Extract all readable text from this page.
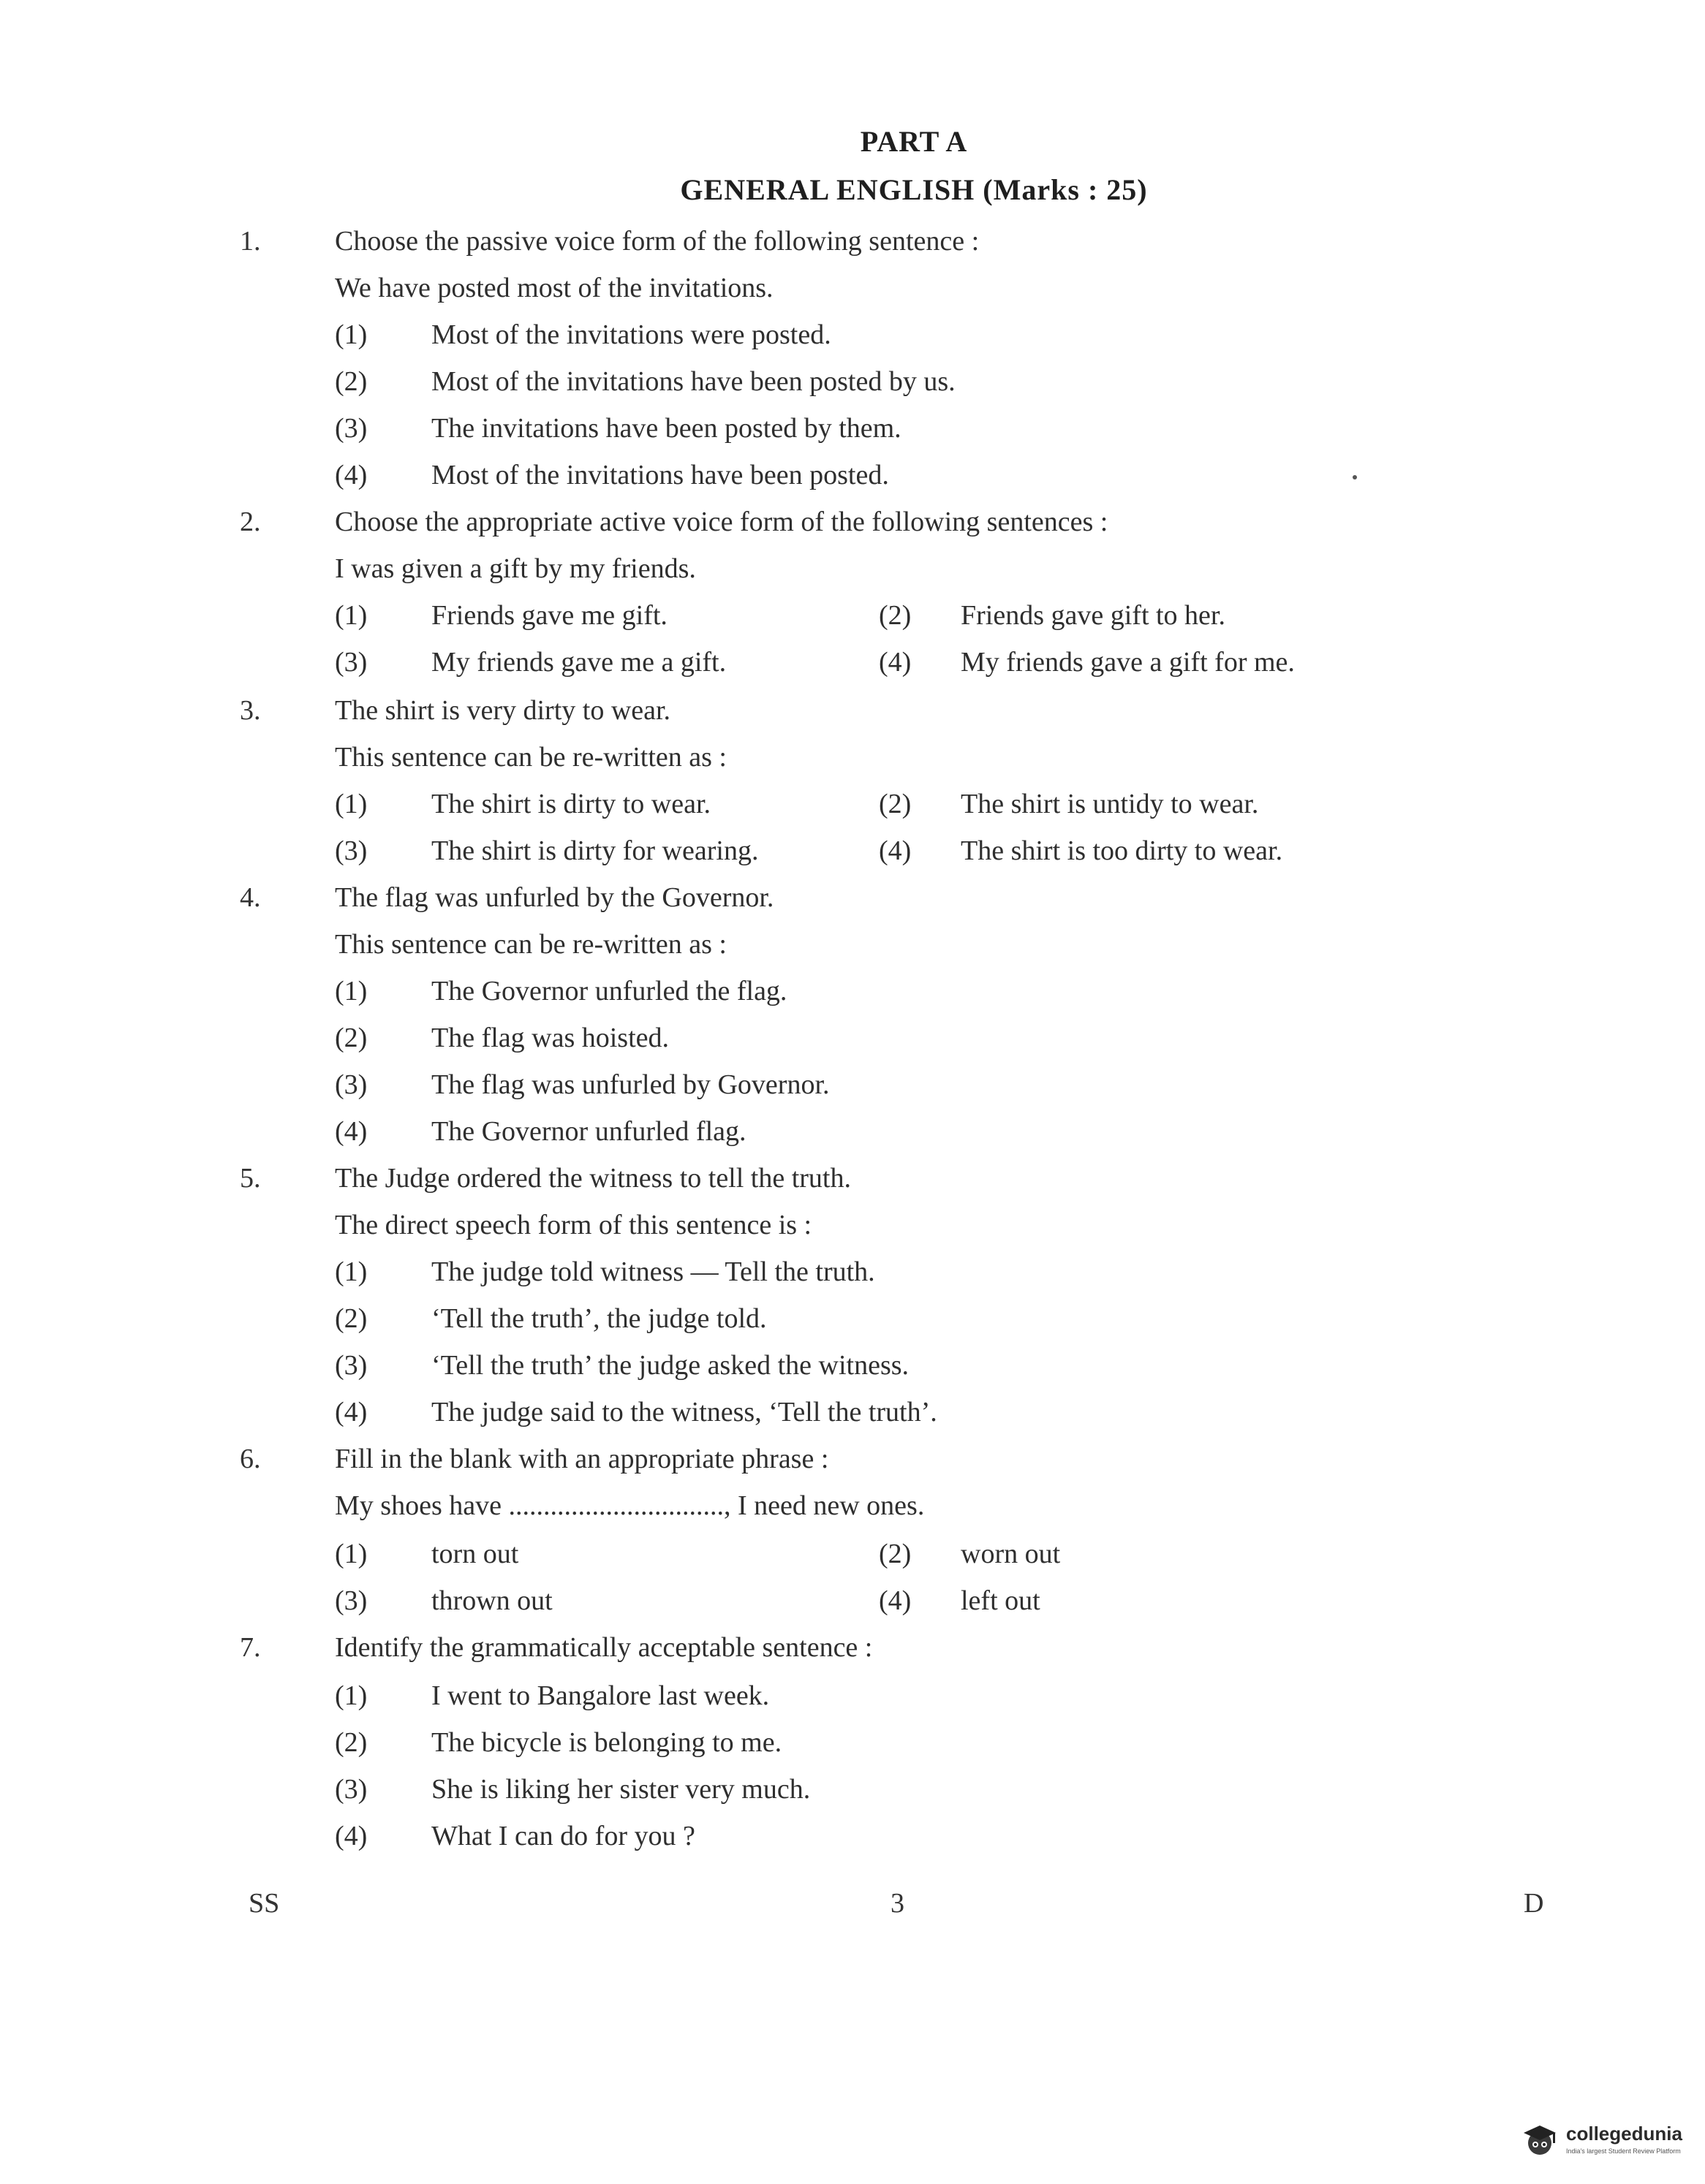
PART A
GENERAL ENGLISH (Marks : 25)
1.	Choose the passive voice form of the following sentence :
We have posted most of the invitations.
(1) Most of the invitations were posted.
(2) Most of the invitations have been posted by us.
(3) The invitations have been posted by them.
(4) Most of the invitations have been posted.
2.	Choose the appropriate active voice form of the following sentences :
I was given a gift by my friends.
(1) Friends gave me gift.	(2) Friends gave gift to her.
(3) My friends gave me a gift.	(4) My friends gave a gift for me.
3.	The shirt is very dirty to wear.
This sentence can be re-written as :
(1) The shirt is dirty to wear.	(2) The shirt is untidy to wear.
(3) The shirt is dirty for wearing.	(4) The shirt is too dirty to wear.
4.	The flag was unfurled by the Governor.
This sentence can be re-written as :
(1) The Governor unfurled the flag.
(2) The flag was hoisted.
(3) The flag was unfurled by Governor.
(4) The Governor unfurled flag.
5.	The Judge ordered the witness to tell the truth.
The direct speech form of this sentence is :
(1) The judge told witness — Tell the truth.
(2) ‘Tell the truth’, the judge told.
(3) ‘Tell the truth’ the judge asked the witness.
(4) The judge said to the witness, ‘Tell the truth’.
6.	Fill in the blank with an appropriate phrase :
My shoes have ..............................., I need new ones.
(1) torn out	(2) worn out
(3) thrown out	(4) left out
7.	Identify the grammatically acceptable sentence :
(1) I went to Bangalore last week.
(2) The bicycle is belonging to me.
(3) She is liking her sister very much.
(4) What I can do for you ?
SS	3	D
collegedunia
India's largest Student Review Platform
